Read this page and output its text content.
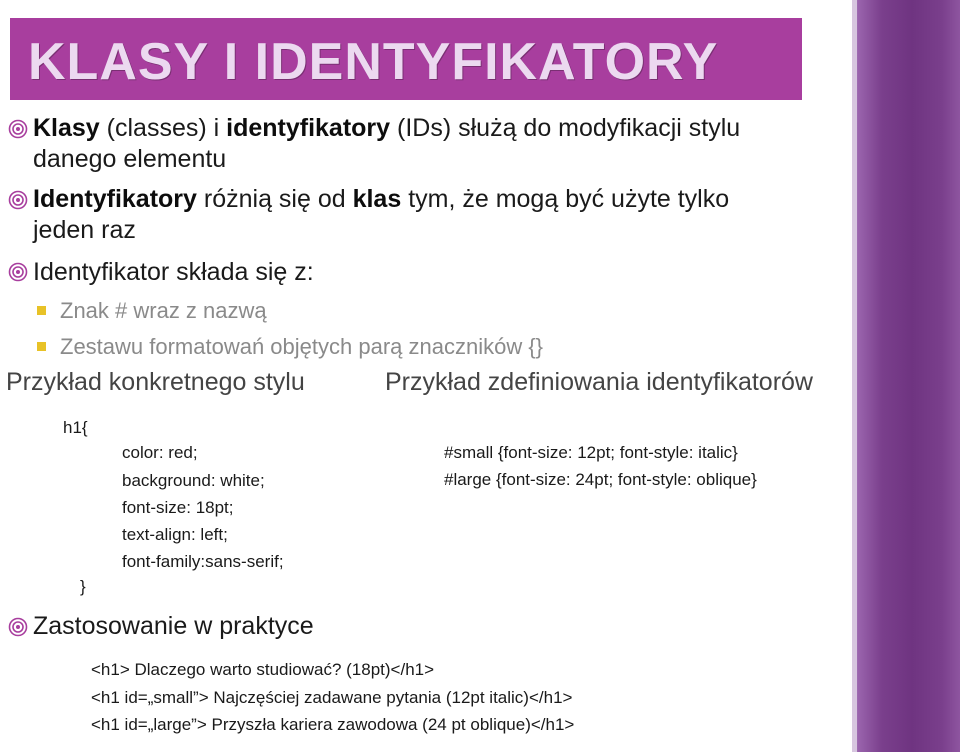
KLASY I IDENTYFIKATORY
Klasy (classes) i identyfikatory (IDs) służą do modyfikacji stylu
danego elementu
Identyfikatory różnią się od klas tym, że mogą być użyte tylko
jeden raz
Identyfikator składa się z:
Znak # wraz z nazwą
Zestawu formatowań objętych parą znaczników {}
Przykład konkretnego stylu	Przykład zdefiniowania identyfikatorów
h1{
color: red;
background: white;
font-size: 18pt;
text-align: left;
font-family:sans-serif;
}
#small {font-size: 12pt; font-style: italic}
#large {font-size: 24pt; font-style: oblique}
Zastosowanie w praktyce
<h1> Dlaczego warto studiować? (18pt)</h1>
<h1 id=„small”> Najczęściej zadawane pytania (12pt italic)</h1>
<h1 id=„large”> Przyszła kariera zawodowa (24 pt oblique)</h1>
